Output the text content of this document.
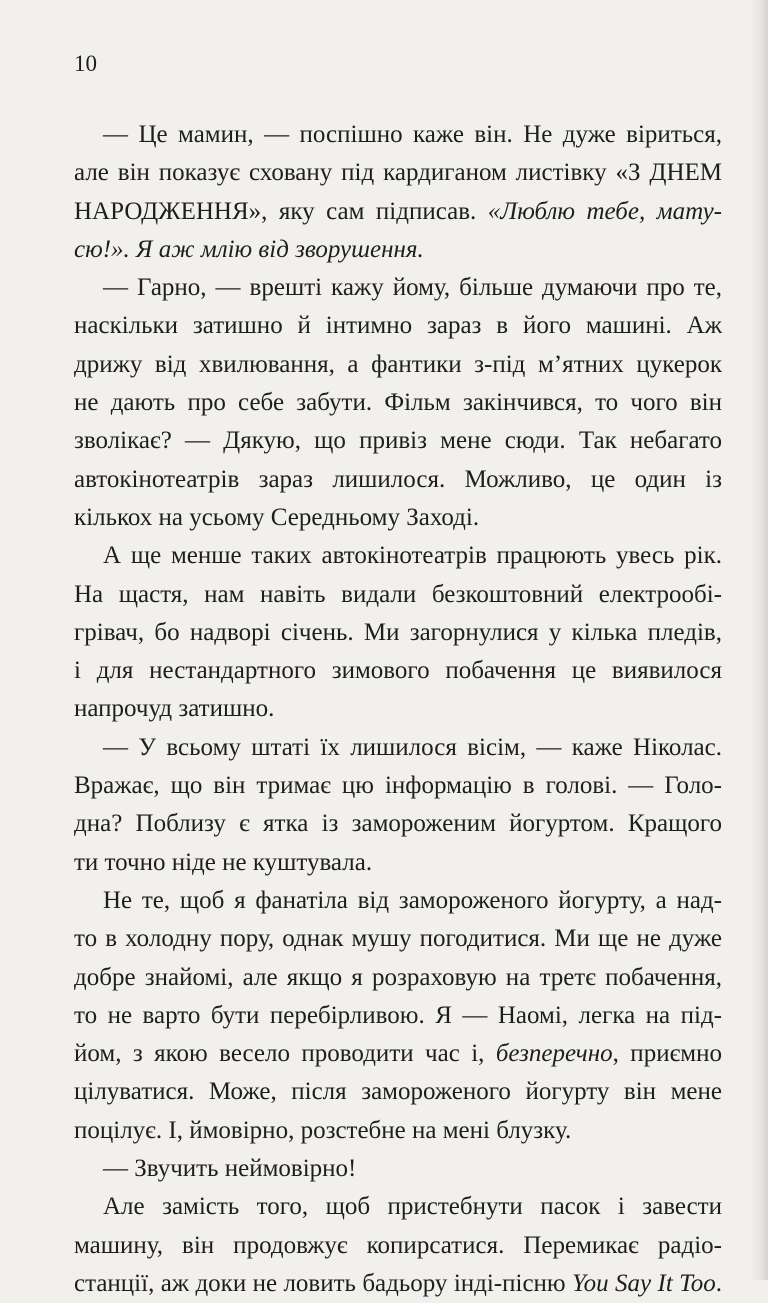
10
— Це мамин, — поспішно каже він. Не дуже віриться,
але він показує сховану під кардиганом листівку «З ДНЕМ
НАРОДЖЕННЯ», яку сам підписав. «Люблю тебе, мату-
сю!». Я аж млію від зворушення.
— Гарно, — врешті кажу йому, більше думаючи про те,
наскільки затишно й інтимно зараз в його машині. Аж
дрижу від хвилювання, а фантики з-під м’ятних цукерок
не дають про себе забути. Фільм закінчився, то чого він
зволікає? — Дякую, що привіз мене сюди. Так небагато
автокінотеатрів зараз лишилося. Можливо, це один із
кількох на усьому Середньому Заході.
А ще менше таких автокінотеатрів працюють увесь рік.
На щастя, нам навіть видали безкоштовний електрообі-
грівач, бо надворі січень. Ми загорнулися у кілька пледів,
і для нестандартного зимового побачення це виявилося
напрочуд затишно.
— У всьому штаті їх лишилося вісім, — каже Ніколас.
Вражає, що він тримає цю інформацію в голові. — Голо-
дна? Поблизу є ятка із замороженим йогуртом. Кращого
ти точно ніде не куштувала.
Не те, щоб я фанатіла від замороженого йогурту, а над-
то в холодну пору, однак мушу погодитися. Ми ще не дуже
добре знайомі, але якщо я розраховую на третє побачення,
то не варто бути перебірливою. Я — Наомі, легка на під-
йом, з якою весело проводити час і, безперечно, приємно
цілуватися. Може, після замороженого йогурту він мене
поцілує. І, ймовірно, розстебне на мені блузку.
— Звучить неймовірно!
Але замість того, щоб пристебнути пасок і завести
машину, він продовжує копирсатися. Перемикає радіо-
станції, аж доки не ловить бадьору інді-пісню You Say It Too.
